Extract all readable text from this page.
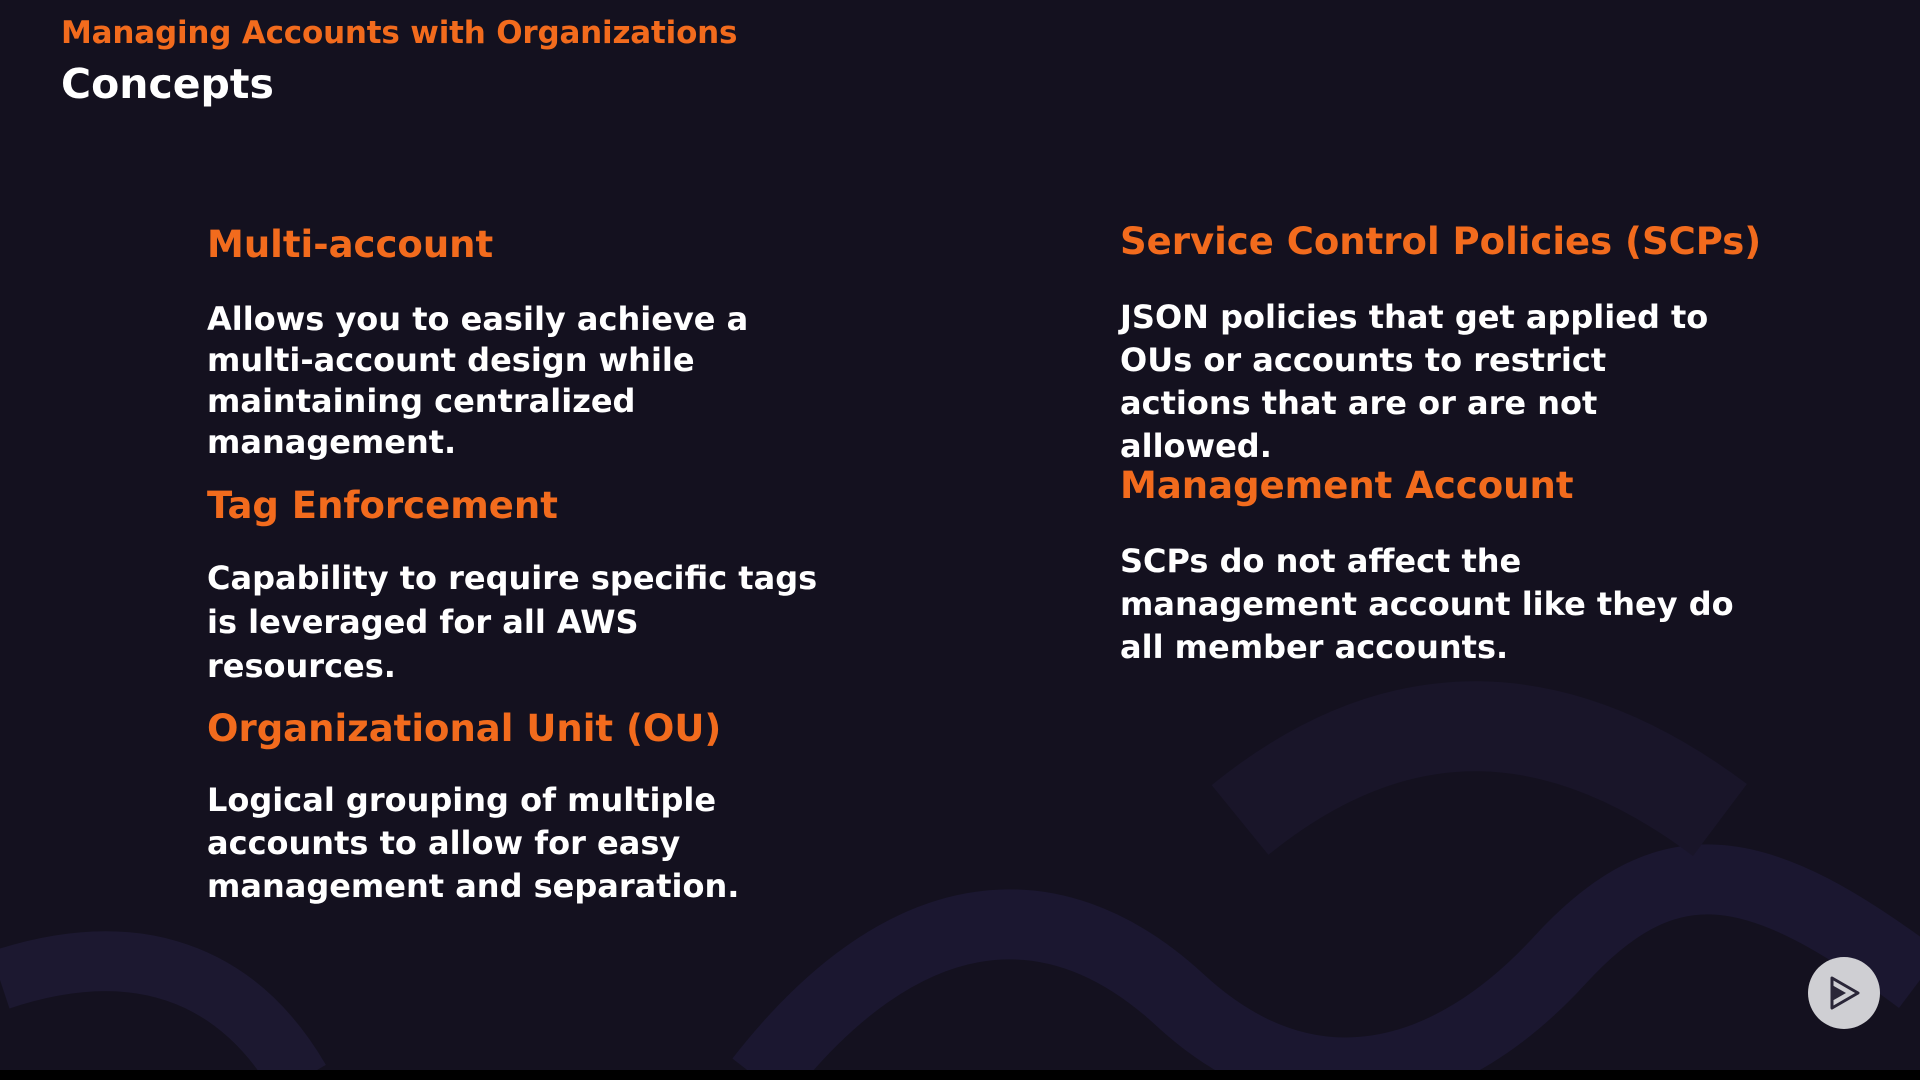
Managing Accounts with Organizations
Concepts
Multi-account
Allows you to easily achieve a multi-account design while maintaining centralized management.
Tag Enforcement
Capability to require specific tags is leveraged for all AWS resources.
Organizational Unit (OU)
Logical grouping of multiple accounts to allow for easy management and separation.
Service Control Policies (SCPs)
JSON policies that get applied to OUs or accounts to restrict actions that are or are not allowed.
Management Account
SCPs do not affect the management account like they do all member accounts.
